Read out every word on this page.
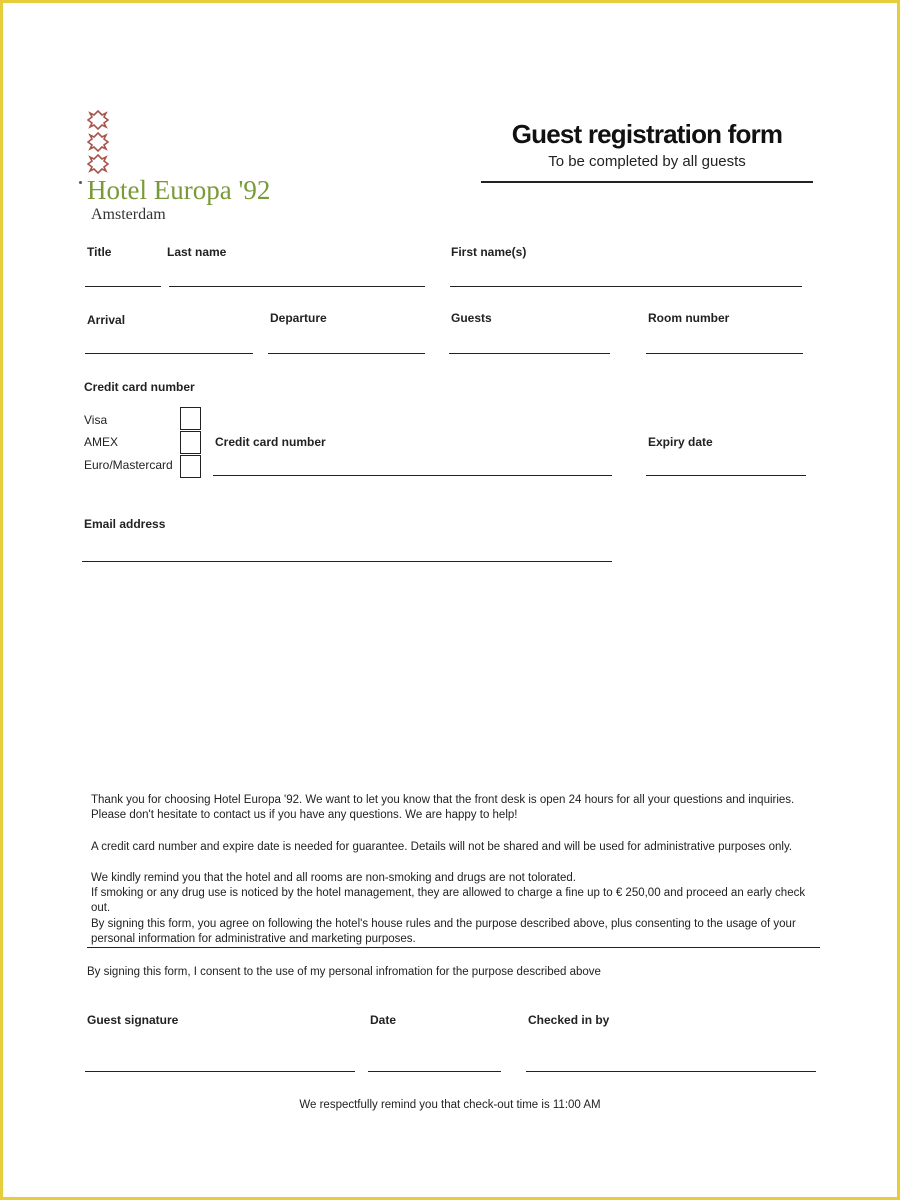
Hotel Europa '92
Amsterdam
Guest registration form
To be completed by all guests
Title	Last name	First name(s)
Arrival	Departure	Guests	Room number
Credit card number
Visa
AMEX
Euro/Mastercard
Credit card number	Expiry date
Email address
Thank you for choosing Hotel Europa '92. We want to let you know that the front desk is open 24 hours for all your questions and inquiries. Please don't hesitate to contact us if you have any questions. We are happy to help!
A credit card number and expire date is needed for guarantee. Details will not be shared and will be used for administrative purposes only.
We kindly remind you that the hotel and all rooms are non-smoking and drugs are not tolorated.
If smoking or any drug use is noticed by the hotel management, they are allowed to charge a fine up to € 250,00 and proceed an early check out.
By signing this form, you agree on following the hotel's house rules and the purpose described above, plus consenting to the usage of your personal information for administrative and marketing purposes.
By signing this form, I consent to the use of my personal infromation for the purpose described above
Guest signature	Date	Checked in by
We respectfully remind you that check-out time is 11:00 AM
